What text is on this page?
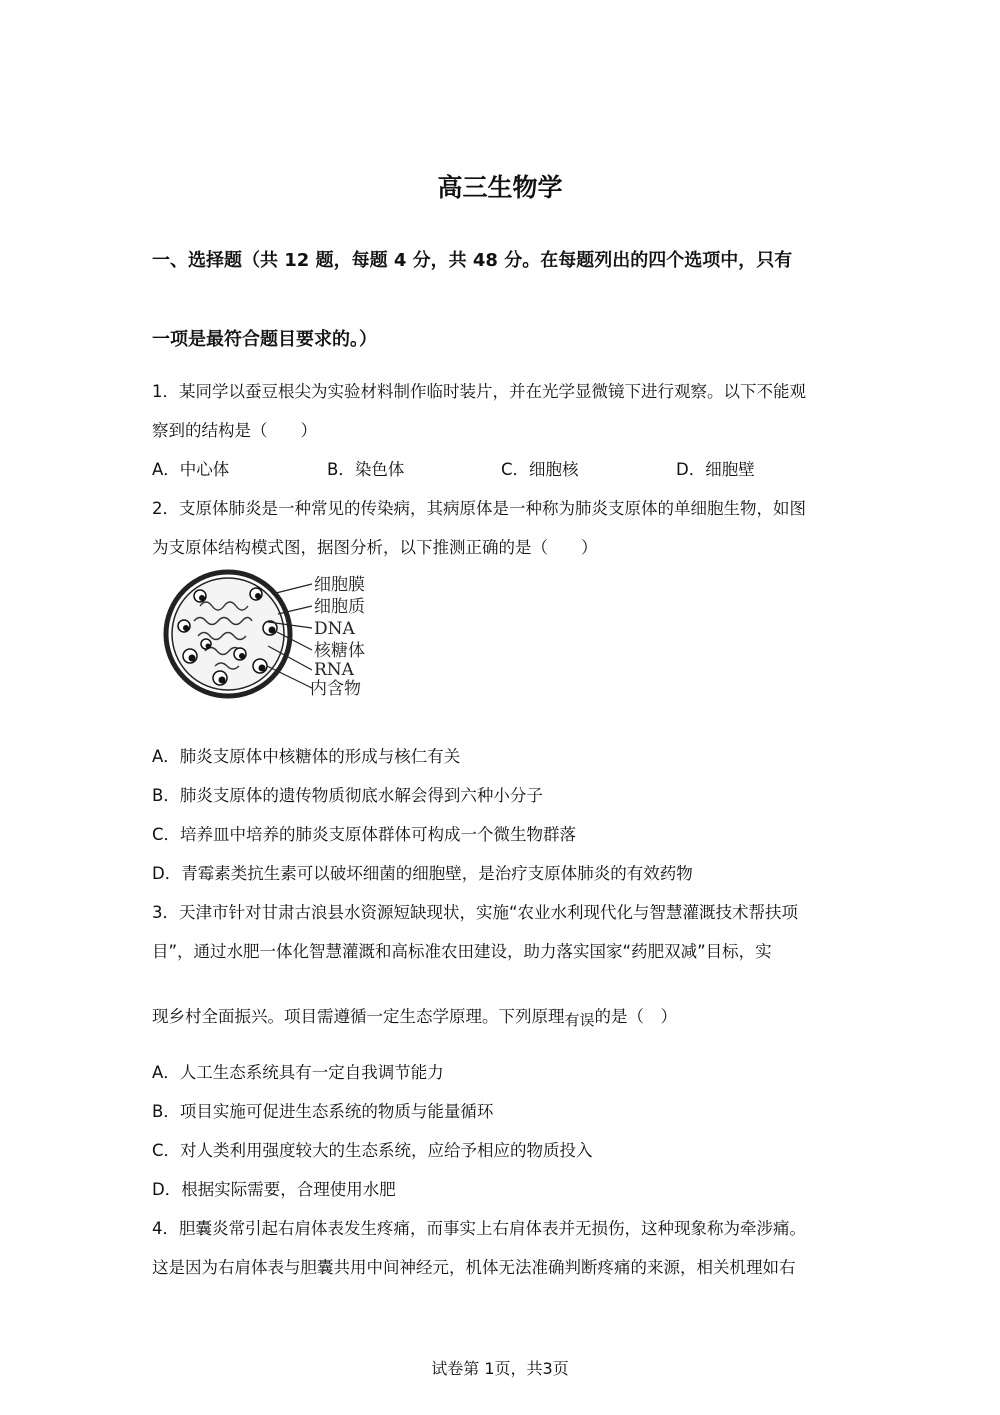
高三生物学
一、选择题（共 12 题，每题 4 分，共 48 分。在每题列出的四个选项中，只有
一项是最符合题目要求的。）
1．某同学以蚕豆根尖为实验材料制作临时装片，并在光学显微镜下进行观察。以下不能观
察到的结构是（　　）
A．中心体	B．染色体	C．细胞核	D．细胞壁
2．支原体肺炎是一种常见的传染病，其病原体是一种称为肺炎支原体的单细胞生物，如图
为支原体结构模式图，据图分析，以下推测正确的是（　　）
细胞膜
细胞质
DNA
核糖体
RNA
内含物
A．肺炎支原体中核糖体的形成与核仁有关
B．肺炎支原体的遗传物质彻底水解会得到六种小分子
C．培养皿中培养的肺炎支原体群体可构成一个微生物群落
D．青霉素类抗生素可以破坏细菌的细胞壁，是治疗支原体肺炎的有效药物
3．天津市针对甘肃古浪县水资源短缺现状，实施“农业水利现代化与智慧灌溉技术帮扶项
目”，通过水肥一体化智慧灌溉和高标准农田建设，助力落实国家“药肥双减”目标，实
现乡村全面振兴。项目需遵循一定生态学原理。下列原理有误的是（　）
A．人工生态系统具有一定自我调节能力
B．项目实施可促进生态系统的物质与能量循环
C．对人类利用强度较大的生态系统，应给予相应的物质投入
D．根据实际需要，合理使用水肥
4．胆囊炎常引起右肩体表发生疼痛，而事实上右肩体表并无损伤，这种现象称为牵涉痛。
这是因为右肩体表与胆囊共用中间神经元，机体无法准确判断疼痛的来源，相关机理如右
试卷第 1页，共3页
